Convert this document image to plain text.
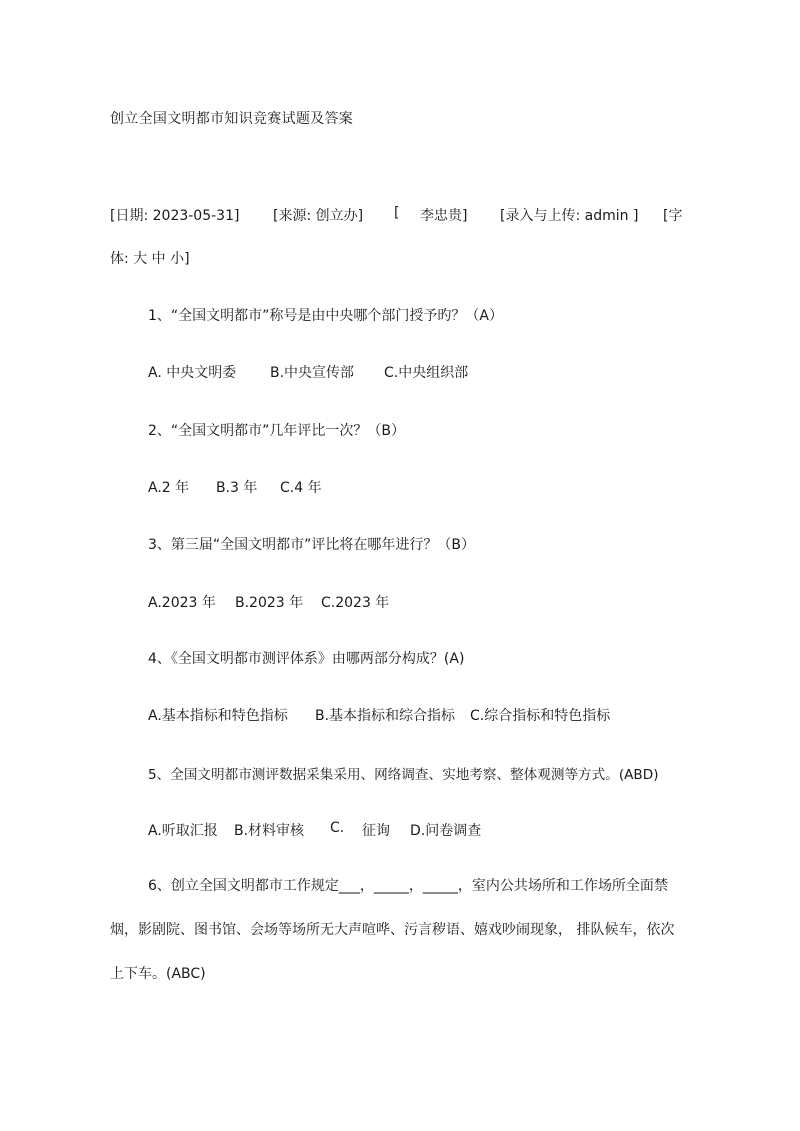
创立全国文明都市知识竞赛试题及答案
[日期: 2023-05-31] [来源: 创立办] [ 李忠贵] [录入与上传: admin ] [字
体: 大 中 小]
1、“全国文明都市”称号是由中央哪个部门授予旳？（A）
A. 中央文明委 B.中央宣传部 C.中央组织部
2、“全国文明都市”几年评比一次？（B）
A.2 年 B.3 年 C.4 年
3、第三届“全国文明都市”评比将在哪年进行？（B）
A.2023 年 B.2023 年 C.2023 年
4、《全国文明都市测评体系》由哪两部分构成？(A)
A.基本指标和特色指标 B.基本指标和综合指标 C.综合指标和特色指标
5、全国文明都市测评数据采集采用、网络调查、实地考察、整体观测等方式。(ABD)
A.听取汇报 B.材料审核 C. 征询 D.问卷调查
6、创立全国文明都市工作规定___，_____，_____，室内公共场所和工作场所全面禁烟，影剧院、图书馆、会场等场所无大声喧哗、污言秽语、嬉戏吵闹现象， 排队候车，依次上下车。(ABC)
